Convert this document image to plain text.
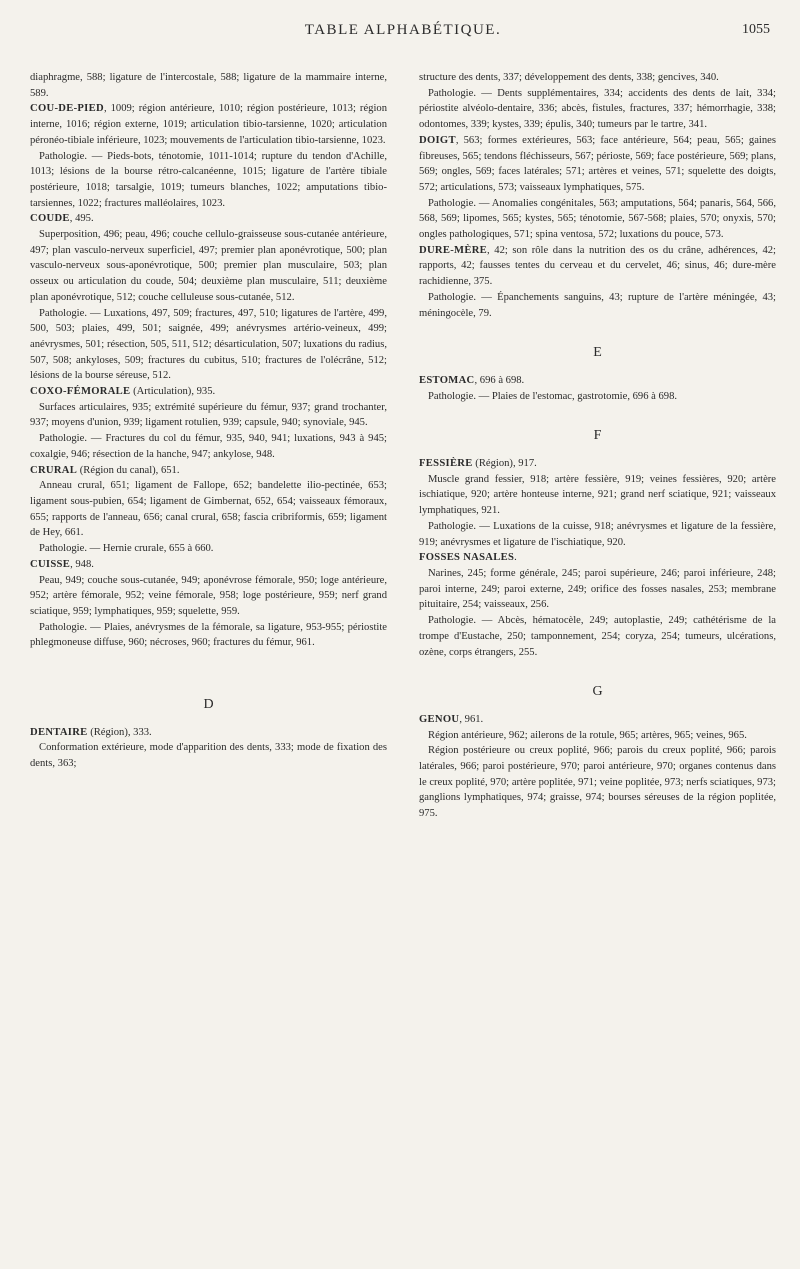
TABLE ALPHABÉTIQUE.	1055

diaphragme, 588; ligature de l'intercostale, 588; ligature de la mammaire interne, 589.

COU-DE-PIED, 1009; région antérieure, 1010; région postérieure, 1013; région interne, 1016; région externe, 1019; articulation tibio-tarsienne, 1020; articulation péronéo-tibiale inférieure, 1023; mouvements de l'articulation tibio-tarsienne, 1023.

Pathologie. — Pieds-bots, ténotomie, 1011-1014; rupture du tendon d'Achille, 1013; lésions de la bourse rétro-calcanéenne, 1015; ligature de l'artère tibiale postérieure, 1018; tarsalgie, 1019; tumeurs blanches, 1022; amputations tibio-tarsiennes, 1022; fractures malléolaires, 1023.

COUDE, 495.

Superposition, 496; peau, 496; couche cellulo-graisseuse sous-cutanée antérieure, 497; plan vasculo-nerveux superficiel, 497; premier plan aponévrotique, 500; plan vasculo-nerveux sous-aponévrotique, 500; premier plan musculaire, 503; plan osseux ou articulation du coude, 504; deuxième plan musculaire, 511; deuxième plan aponévrotique, 512; couche celluleuse sous-cutanée, 512.

Pathologie. — Luxations, 497, 509; fractures, 497, 510; ligatures de l'artère, 499, 500, 503; plaies, 499, 501; saignée, 499; anévrysmes artério-veineux, 499; anévrysmes, 501; résection, 505, 511, 512; désarticulation, 507; luxations du radius, 507, 508; ankyloses, 509; fractures du cubitus, 510; fractures de l'olécrâne, 512; lésions de la bourse séreuse, 512.

COXO-FÉMORALE (Articulation), 935.

Surfaces articulaires, 935; extrémité supérieure du fémur, 937; grand trochanter, 937; moyens d'union, 939; ligament rotulien, 939; capsule, 940; synoviale, 945.

Pathologie. — Fractures du col du fémur, 935, 940, 941; luxations, 943 à 945; coxalgie, 946; résection de la hanche, 947; ankylose, 948.

CRURAL (Région du canal), 651.

Anneau crural, 651; ligament de Fallope, 652; bandelette ilio-pectinée, 653; ligament sous-pubien, 654; ligament de Gimbernat, 652, 654; vaisseaux fémoraux, 655; rapports de l'anneau, 656; canal crural, 658; fascia cribriformis, 659; ligament de Hey, 661.

Pathologie. — Hernie crurale, 655 à 660.

CUISSE, 948.

Peau, 949; couche sous-cutanée, 949; aponévrose fémorale, 950; loge antérieure, 952; artère fémorale, 952; veine fémorale, 958; loge postérieure, 959; nerf grand sciatique, 959; lymphatiques, 959; squelette, 959.

Pathologie. — Plaies, anévrysmes de la fémorale, sa ligature, 953-955; périostite phlegmoneuse diffuse, 960; nécroses, 960; fractures du fémur, 961.

D

DENTAIRE (Région), 333.

Conformation extérieure, mode d'apparition des dents, 333; mode de fixation des dents, 363;

structure des dents, 337; développement des dents, 338; gencives, 340.

Pathologie. — Dents supplémentaires, 334; accidents des dents de lait, 334; périostite alvéolo-dentaire, 336; abcès, fistules, fractures, 337; hémorrhagie, 338; odontomes, 339; kystes, 339; épulis, 340; tumeurs par le tartre, 341.

DOIGT, 563; formes extérieures, 563; face antérieure, 564; peau, 565; gaines fibreuses, 565; tendons fléchisseurs, 567; périoste, 569; face postérieure, 569; plans, 569; ongles, 569; faces latérales; 571; artères et veines, 571; squelette des doigts, 572; articulations, 573; vaisseaux lymphatiques, 575.

Pathologie. — Anomalies congénitales, 563; amputations, 564; panaris, 564, 566, 568, 569; lipomes, 565; kystes, 565; ténotomie, 567-568; plaies, 570; onyxis, 570; ongles pathologiques, 571; spina ventosa, 572; luxations du pouce, 573.

DURE-MÈRE, 42; son rôle dans la nutrition des os du crâne, adhérences, 42; rapports, 42; fausses tentes du cerveau et du cervelet, 46; sinus, 46; dure-mère rachidienne, 375.

Pathologie. — Épanchements sanguins, 43; rupture de l'artère méningée, 43; méningocèle, 79.

E

ESTOMAC, 696 à 698.

Pathologie. — Plaies de l'estomac, gastrotomie, 696 à 698.

F

FESSIÈRE (Région), 917.

Muscle grand fessier, 918; artère fessière, 919; veines fessières, 920; artère ischiatique, 920; artère honteuse interne, 921; grand nerf sciatique, 921; vaisseaux lymphatiques, 921.

Pathologie. — Luxations de la cuisse, 918; anévrysmes et ligature de la fessière, 919; anévrysmes et ligature de l'ischiatique, 920.

FOSSES NASALES.

Narines, 245; forme générale, 245; paroi supérieure, 246; paroi inférieure, 248; paroi interne, 249; paroi externe, 249; orifice des fosses nasales, 253; membrane pituitaire, 254; vaisseaux, 256.

Pathologie. — Abcès, hématocèle, 249; autoplastie, 249; cathétérisme de la trompe d'Eustache, 250; tamponnement, 254; coryza, 254; tumeurs, ulcérations, ozène, corps étrangers, 255.

G

GENOU, 961.

Région antérieure, 962; ailerons de la rotule, 965; artères, 965; veines, 965.

Région postérieure ou creux poplité, 966; parois du creux poplité, 966; parois latérales, 966; paroi postérieure, 970; paroi antérieure, 970; organes contenus dans le creux poplité, 970; artère poplitée, 971; veine poplitée, 973; nerfs sciatiques, 973; ganglions lymphatiques, 974; graisse, 974; bourses séreuses de la région poplitée, 975.
